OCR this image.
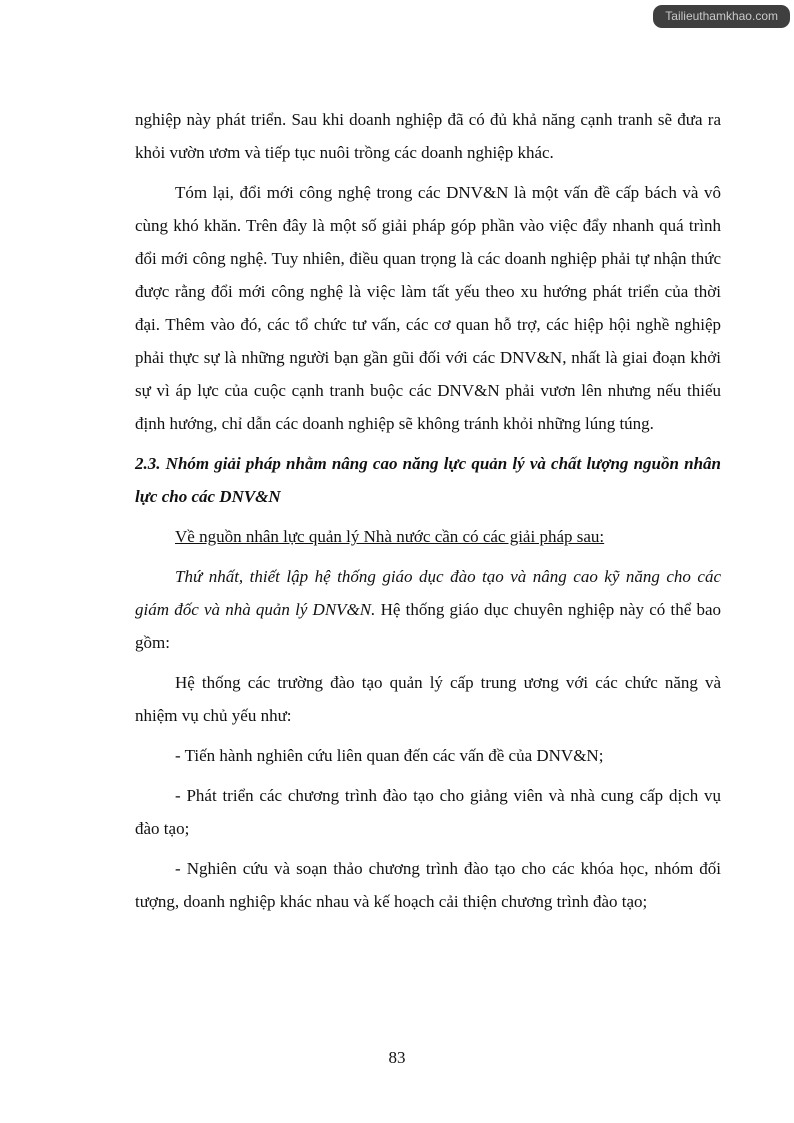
Tailieuthamkhao.com

nghiệp này phát triển. Sau khi doanh nghiệp đã có đủ khả năng cạnh tranh sẽ đưa ra khỏi vườn ươm và tiếp tục nuôi trồng các doanh nghiệp khác.

Tóm lại, đổi mới công nghệ trong các DNV&N là một vấn đề cấp bách và vô cùng khó khăn. Trên đây là một số giải pháp góp phần vào việc đẩy nhanh quá trình đổi mới công nghệ. Tuy nhiên, điều quan trọng là các doanh nghiệp phải tự nhận thức được rằng đổi mới công nghệ là việc làm tất yếu theo xu hướng phát triển của thời đại. Thêm vào đó, các tổ chức tư vấn, các cơ quan hỗ trợ, các hiệp hội nghề nghiệp phải thực sự là những người bạn gần gũi đối với các DNV&N, nhất là giai đoạn khởi sự vì áp lực của cuộc cạnh tranh buộc các DNV&N phải vươn lên nhưng nếu thiếu định hướng, chỉ dẫn các doanh nghiệp sẽ không tránh khỏi những lúng túng.

2.3. Nhóm giải pháp nhằm nâng cao năng lực quản lý và chất lượng nguồn nhân lực cho các DNV&N

Về nguồn nhân lực quản lý Nhà nước cần có các giải pháp sau:

Thứ nhất, thiết lập hệ thống giáo dục đào tạo và nâng cao kỹ năng cho các giám đốc và nhà quản lý DNV&N. Hệ thống giáo dục chuyên nghiệp này có thể bao gồm:

Hệ thống các trường đào tạo quản lý cấp trung ương với các chức năng và nhiệm vụ chủ yếu như:

- Tiến hành nghiên cứu liên quan đến các vấn đề của DNV&N;

- Phát triển các chương trình đào tạo cho giảng viên và nhà cung cấp dịch vụ đào tạo;

- Nghiên cứu và soạn thảo chương trình đào tạo cho các khóa học, nhóm đối tượng, doanh nghiệp khác nhau và kế hoạch cải thiện chương trình đào tạo;

83
